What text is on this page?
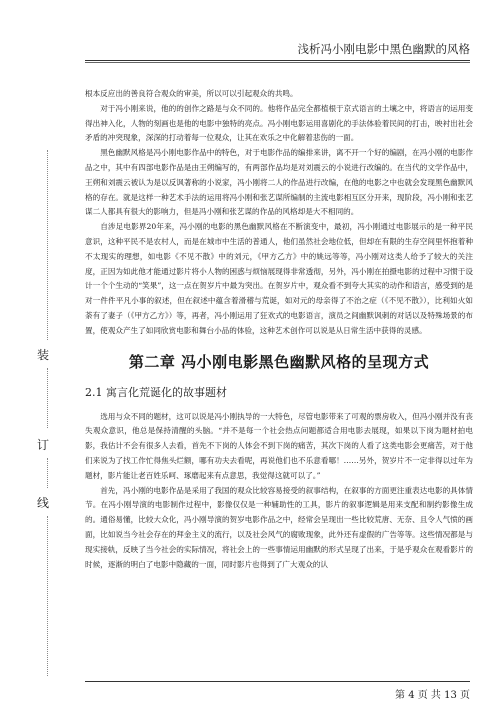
浅析冯小刚电影中黑色幽默的风格
装
订
线

根本反应出的善良符合观众的审美，所以可以引起观众的共鸣。

对于冯小刚来说，他的的创作之路是与众不同的。他将作品完全都植根于京式语言的土壤之中，将语言的运用变得出神入化，人物的刻画也是他的电影中独特的亮点。冯小刚电影运用喜剧化的手法体验着民间的打击，映衬出社会矛盾的冲突现象，深深的打动着每一位观众，让其在欢乐之中化解着悲伤的一面。

黑色幽默风格是冯小刚电影作品中的特色，对于电影作品的编排来讲，离不开一个好的编剧，在冯小刚的电影作品之中，其中有四部电影作品是由王朔编写的，有两部作品均是对刘震云的小说进行改编的。在当代的文学作品中，王朔和刘震云被认为是以反讽著称的小说家，冯小刚将二人的作品进行改编，在他的电影之中也就会发现黑色幽默风格的存在。就是这样一种艺术手法的运用将冯小刚和张艺谋所编制的主流电影相互区分开来，现阶段，冯小刚和张艺谋二人都具有很大的影响力，但是冯小刚和张艺谋的作品的风格却是大不相同的。

自涉足电影界20年来，冯小刚的电影的黑色幽默风格在不断演变中，最初，冯小刚通过电影展示的是一种平民意识，这种平民不是农村人，而是在城市中生活的普通人，他们虽然社会地位低，但却在有限的生存空间里怀抱着种不太现实的理想，如电影《不见不散》中的刘元，《甲方乙方》中的姚远等等，冯小刚对这类人给予了较大的关注度，正因为如此他才能通过影片将小人物的困惑与烦恼展现得非常透彻，另外，冯小刚在拍摄电影的过程中习惯于设计一个个生动的“笑果”，这一点在贺岁片中最为突出。在贺岁片中，观众看不到夸大其实的动作和语言，感受到的是对一件件平凡小事的叙述，但在叙述中蕴含着滑稽与荒诞，如对元的母亲得了不治之症（《不见不散》），比利如火如荼有了妻子（《甲方乙方》）等，再者，冯小刚运用了狂欢式的电影语言，演员之间幽默讽刺的对话以及特殊场景的布置，使观众产生了如同欣赏电影和舞台小品的体验，这种艺术创作可以说是从日常生活中获得的灵感。

第二章 冯小刚电影黑色幽默风格的呈现方式
2.1 寓言化荒诞化的故事题材

选用与众不同的题材，这可以说是冯小刚执导的一大特色，尽管电影带来了可观的票房收入，但冯小刚并没有丧失观众意识，他总是保持清醒的头脑。“并不是每一个社会热点问题都适合用电影去展现，如果以下岗为题材拍电影，我估计不会有很多人去看，首先不下岗的人体会不到下岗的痛苦，其次下岗的人看了这类电影会更痛苦，对于他们来说为了找工作忙得焦头烂额，哪有功夫去看呢，再说他们也不乐意看哪！……另外，贺岁片不一定非得以过年为题材，影片能让老百姓乐呵、琢磨起来有点意思，我觉得这就可以了。”

首先，冯小刚的电影作品是采用了我国的观众比较容易接受的叙事结构，在叙事的方面更注重表达电影的具体情节。在冯小刚导演的电影制作过程中，影像仅仅是一种辅助性的工具，影片的叙事逻辑是用来支配和制约影像生成的。通俗易懂，比较大众化，冯小刚导演的贺岁电影作品之中，经常会呈现出一些比较荒唐、无奈、且令人气愤的画面，比如说当今社会存在的拜金主义的流行，以及社会风气的腐败现象，此外还有虚假的广告等等。这些情况都是与现实接轨，反映了当今社会的实际情况，将社会上的一些事情运用幽默的形式呈现了出来，于是乎观众在观看影片的时候，逐渐的明白了电影中隐藏的一面，同时影片也得到了广大观众的认

第 4 页 共 13 页
